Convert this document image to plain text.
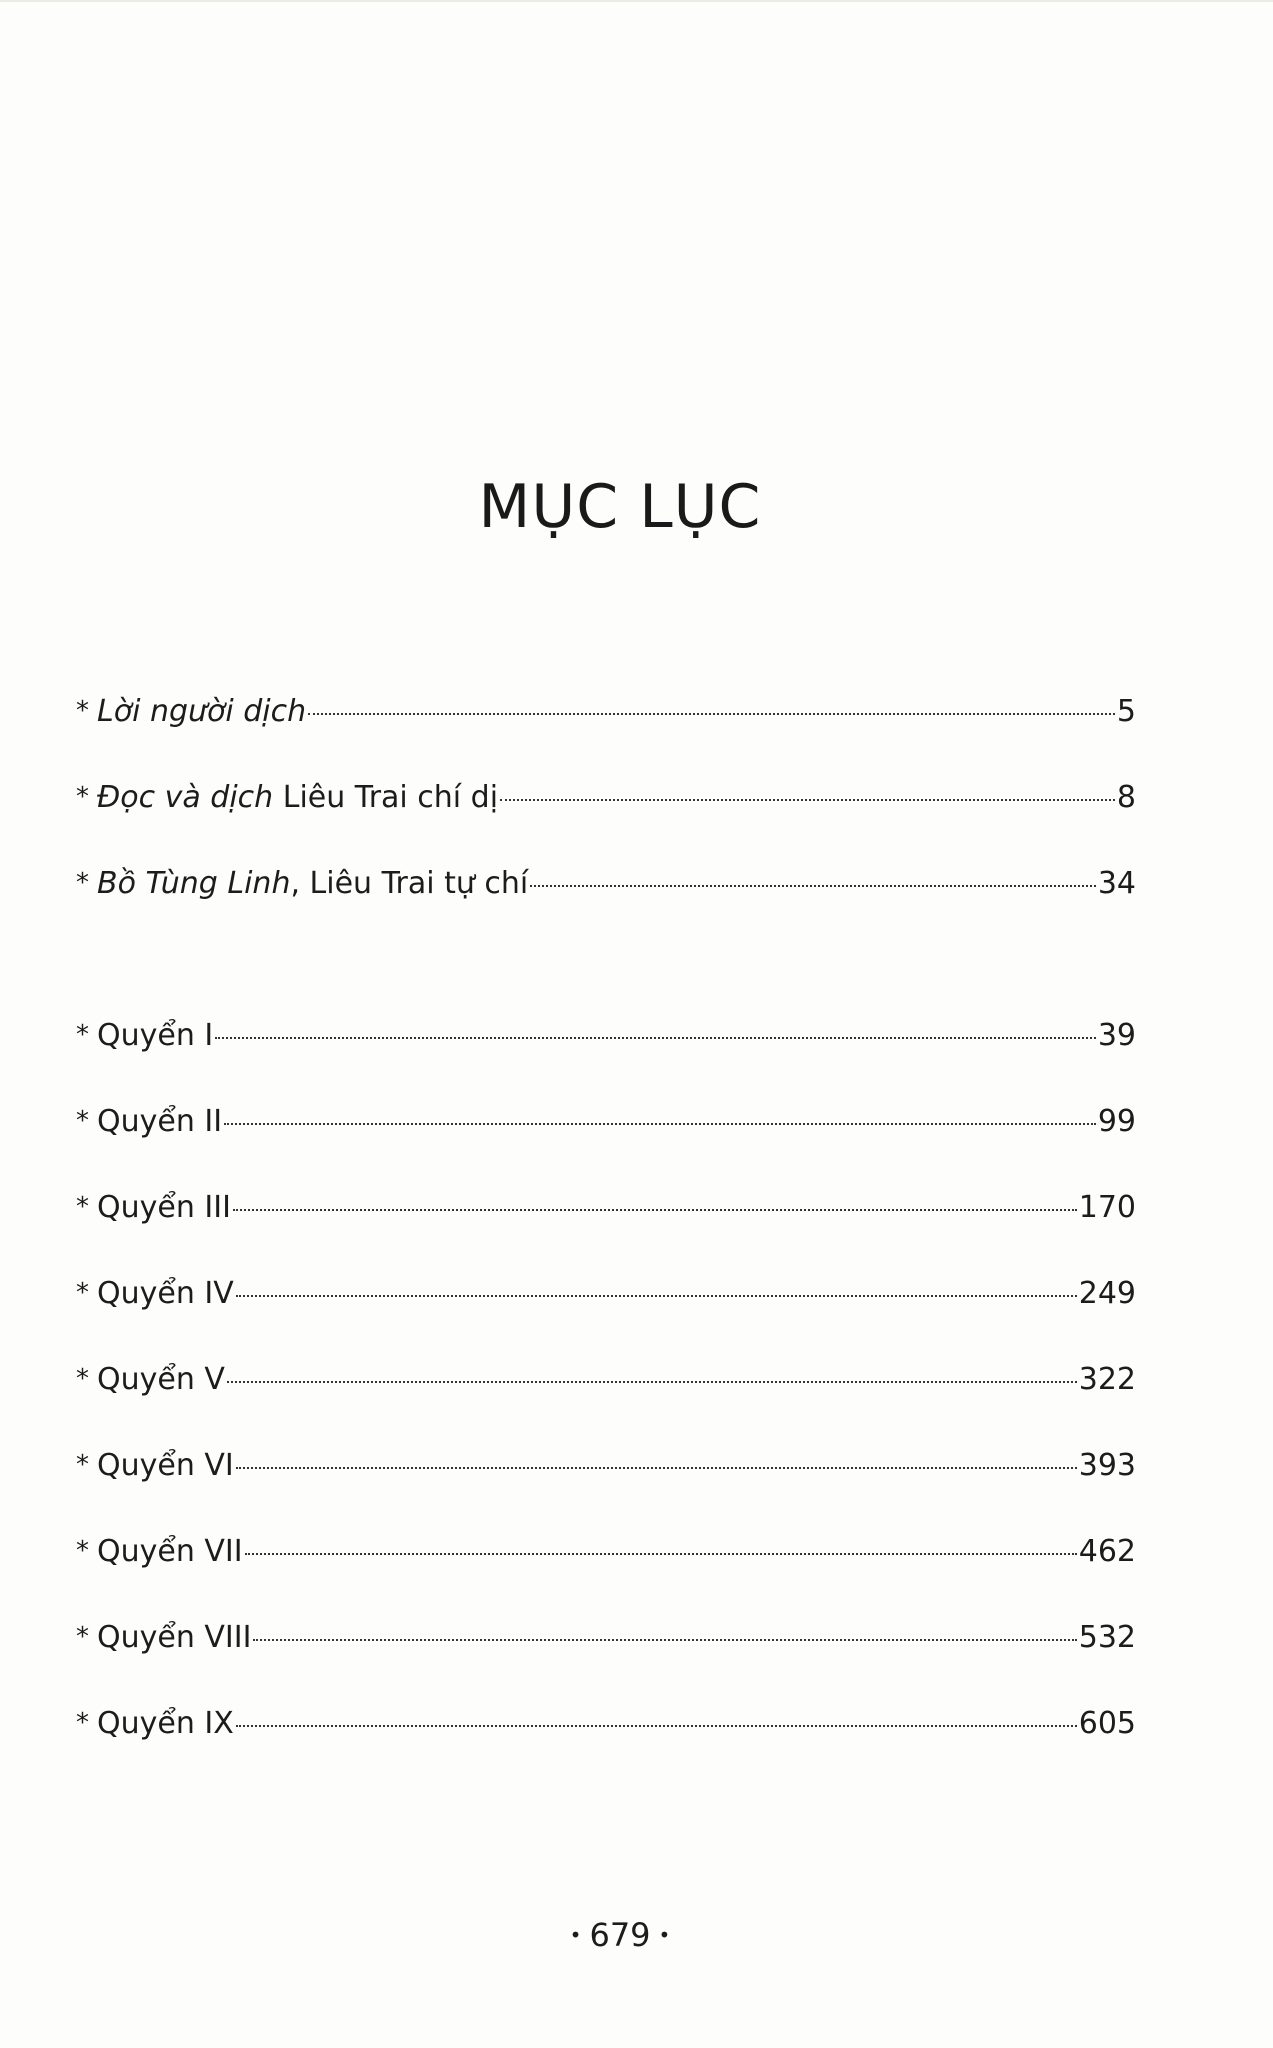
MỤC LỤC
* Lời người dịch	5
* Đọc và dịch Liêu Trai chí dị	8
* Bồ Tùng Linh, Liêu Trai tự chí	34
* Quyển I	39
* Quyển II	99
* Quyển III	170
* Quyển IV	249
* Quyển V	322
* Quyển VI	393
* Quyển VII	462
* Quyển VIII	532
* Quyển IX	605
• 679 •
